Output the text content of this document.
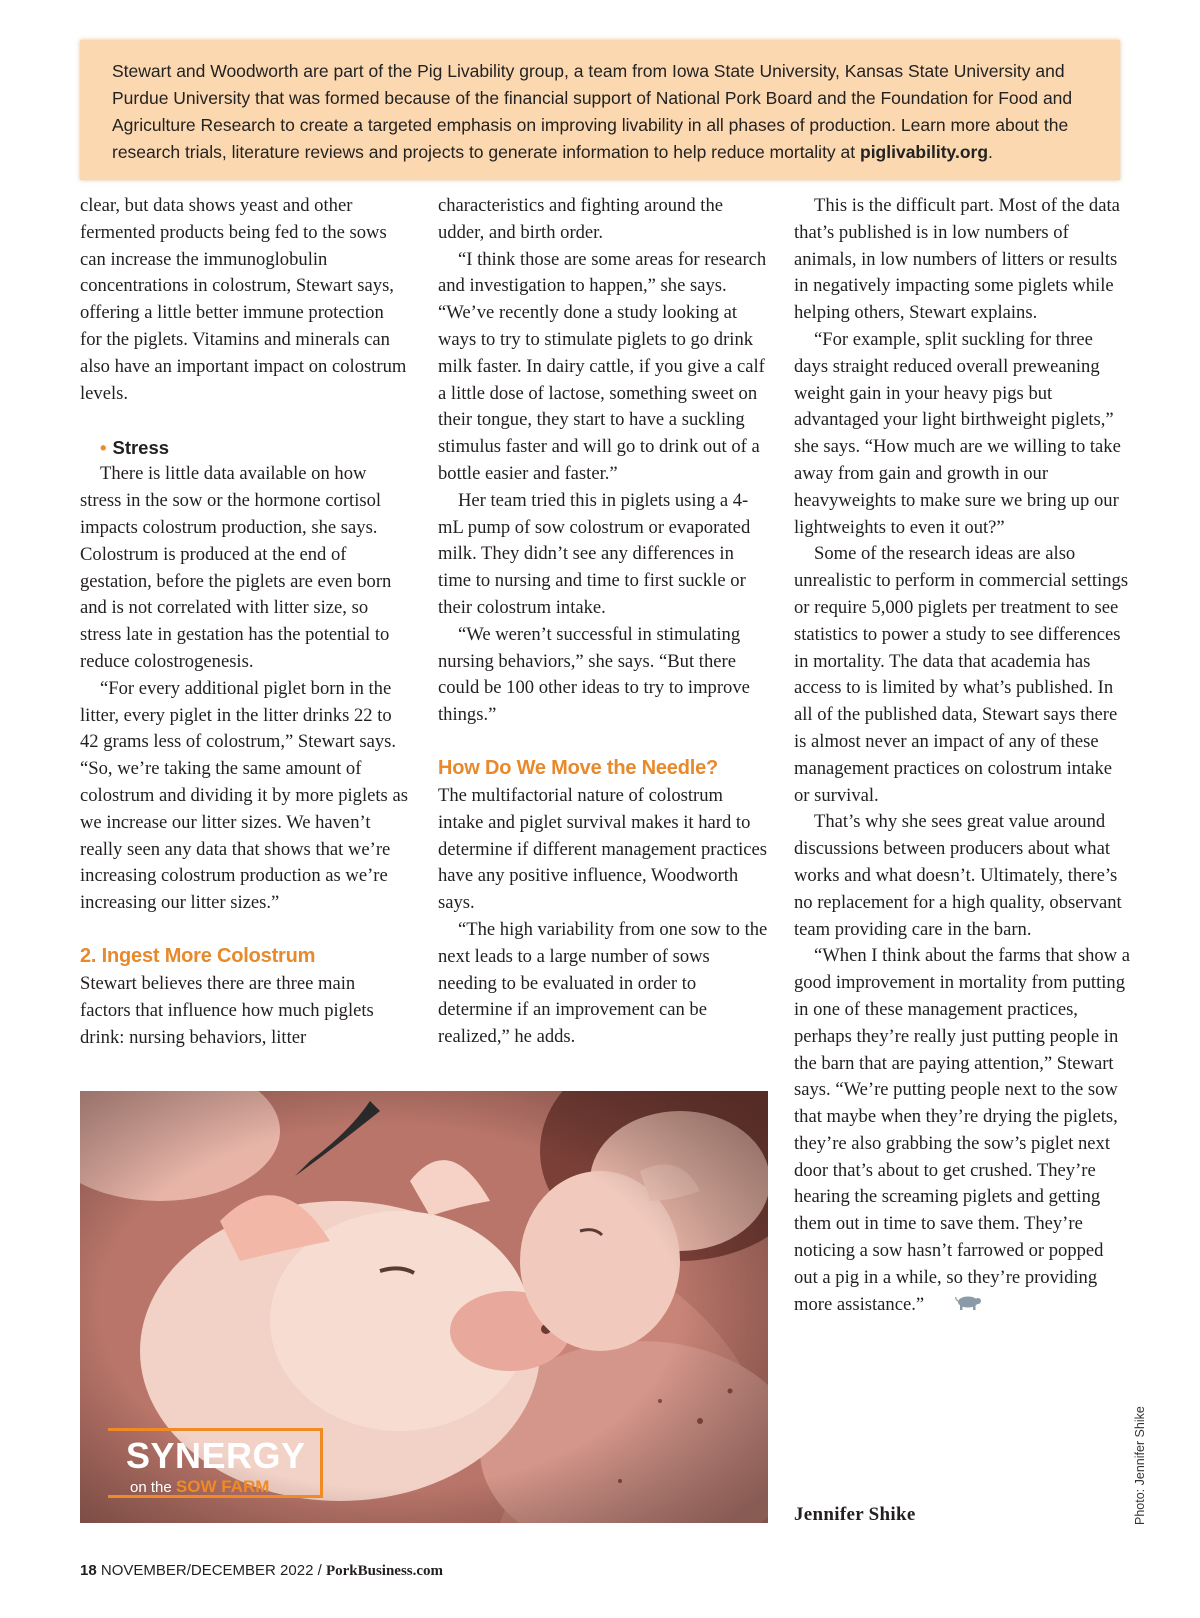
Stewart and Woodworth are part of the Pig Livability group, a team from Iowa State University, Kansas State University and Purdue University that was formed because of the financial support of National Pork Board and the Foundation for Food and Agriculture Research to create a targeted emphasis on improving livability in all phases of production. Learn more about the research trials, literature reviews and projects to generate information to help reduce mortality at piglivability.org.

clear, but data shows yeast and other fermented products being fed to the sows can increase the immunoglobulin concentrations in colostrum, Stewart says, offering a little better immune protection for the piglets. Vitamins and minerals can also have an important impact on colostrum levels.

• Stress

There is little data available on how stress in the sow or the hormone cortisol impacts colostrum production, she says. Colostrum is produced at the end of gestation, before the piglets are even born and is not correlated with litter size, so stress late in gestation has the potential to reduce colostrogenesis.

“For every additional piglet born in the litter, every piglet in the litter drinks 22 to 42 grams less of colostrum,” Stewart says. “So, we’re taking the same amount of colostrum and dividing it by more piglets as we increase our litter sizes. We haven’t really seen any data that shows that we’re increasing colostrum production as we’re increasing our litter sizes.”

2. Ingest More Colostrum

Stewart believes there are three main factors that influence how much piglets drink: nursing behaviors, litter

characteristics and fighting around the udder, and birth order.

“I think those are some areas for research and investigation to happen,” she says. “We’ve recently done a study looking at ways to try to stimulate piglets to go drink milk faster. In dairy cattle, if you give a calf a little dose of lactose, something sweet on their tongue, they start to have a suckling stimulus faster and will go to drink out of a bottle easier and faster.”

Her team tried this in piglets using a 4-mL pump of sow colostrum or evaporated milk. They didn’t see any differences in time to nursing and time to first suckle or their colostrum intake.

“We weren’t successful in stimulating nursing behaviors,” she says. “But there could be 100 other ideas to try to improve things.”

How Do We Move the Needle?

The multifactorial nature of colostrum intake and piglet survival makes it hard to determine if different management practices have any positive influence, Woodworth says.

“The high variability from one sow to the next leads to a large number of sows needing to be evaluated in order to determine if an improvement can be realized,” he adds.

This is the difficult part. Most of the data that’s published is in low numbers of animals, in low numbers of litters or results in negatively impacting some piglets while helping others, Stewart explains.

“For example, split suckling for three days straight reduced overall preweaning weight gain in your heavy pigs but advantaged your light birthweight piglets,” she says. “How much are we willing to take away from gain and growth in our heavyweights to make sure we bring up our lightweights to even it out?”

Some of the research ideas are also unrealistic to perform in commercial settings or require 5,000 piglets per treatment to see statistics to power a study to see differences in mortality. The data that academia has access to is limited by what’s published. In all of the published data, Stewart says there is almost never an impact of any of these management practices on colostrum intake or survival.

That’s why she sees great value around discussions between producers about what works and what doesn’t. Ultimately, there’s no replacement for a high quality, observant team providing care in the barn.

“When I think about the farms that show a good improvement in mortality from putting in one of these management practices, perhaps they’re really just putting people in the barn that are paying attention,” Stewart says. “We’re putting people next to the sow that maybe when they’re drying the piglets, they’re also grabbing the sow’s piglet next door that’s about to get crushed. They’re hearing the screaming piglets and getting them out in time to save them. They’re noticing a sow hasn’t farrowed or popped out a pig in a while, so they’re providing more assistance.”

SYNERGY
on the SOW FARM	Photo: Jennifer Shike
Jennifer Shike
18 NOVEMBER/DECEMBER 2022 / PorkBusiness.com
